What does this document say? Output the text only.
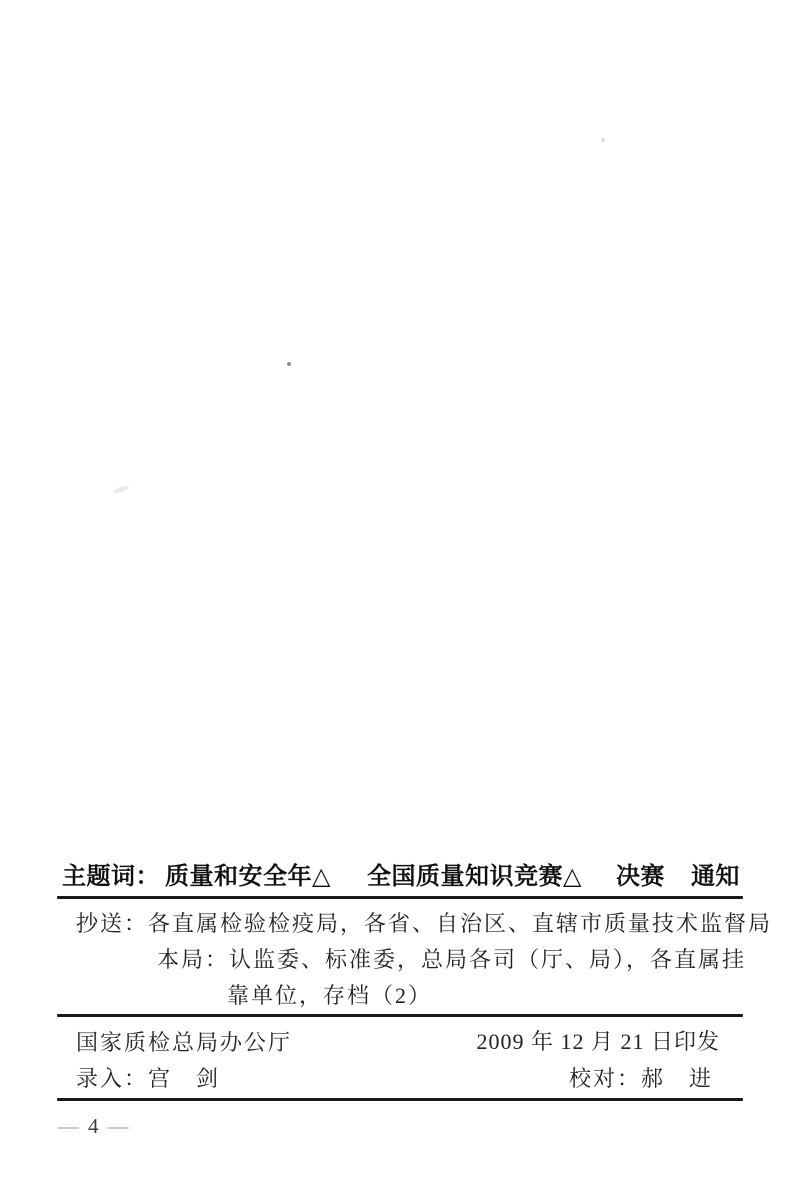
主题词： 质量和安全年△ 全国质量知识竞赛△ 决赛 通知
抄送：各直属检验检疫局，各省、自治区、直辖市质量技术监督局
本局：认监委、标准委，总局各司（厅、局），各直属挂
靠单位，存档（2）
国家质检总局办公厅	2009 年 12 月 21 日印发
录入：宫　剑	校对：郝　进
— 4 —
